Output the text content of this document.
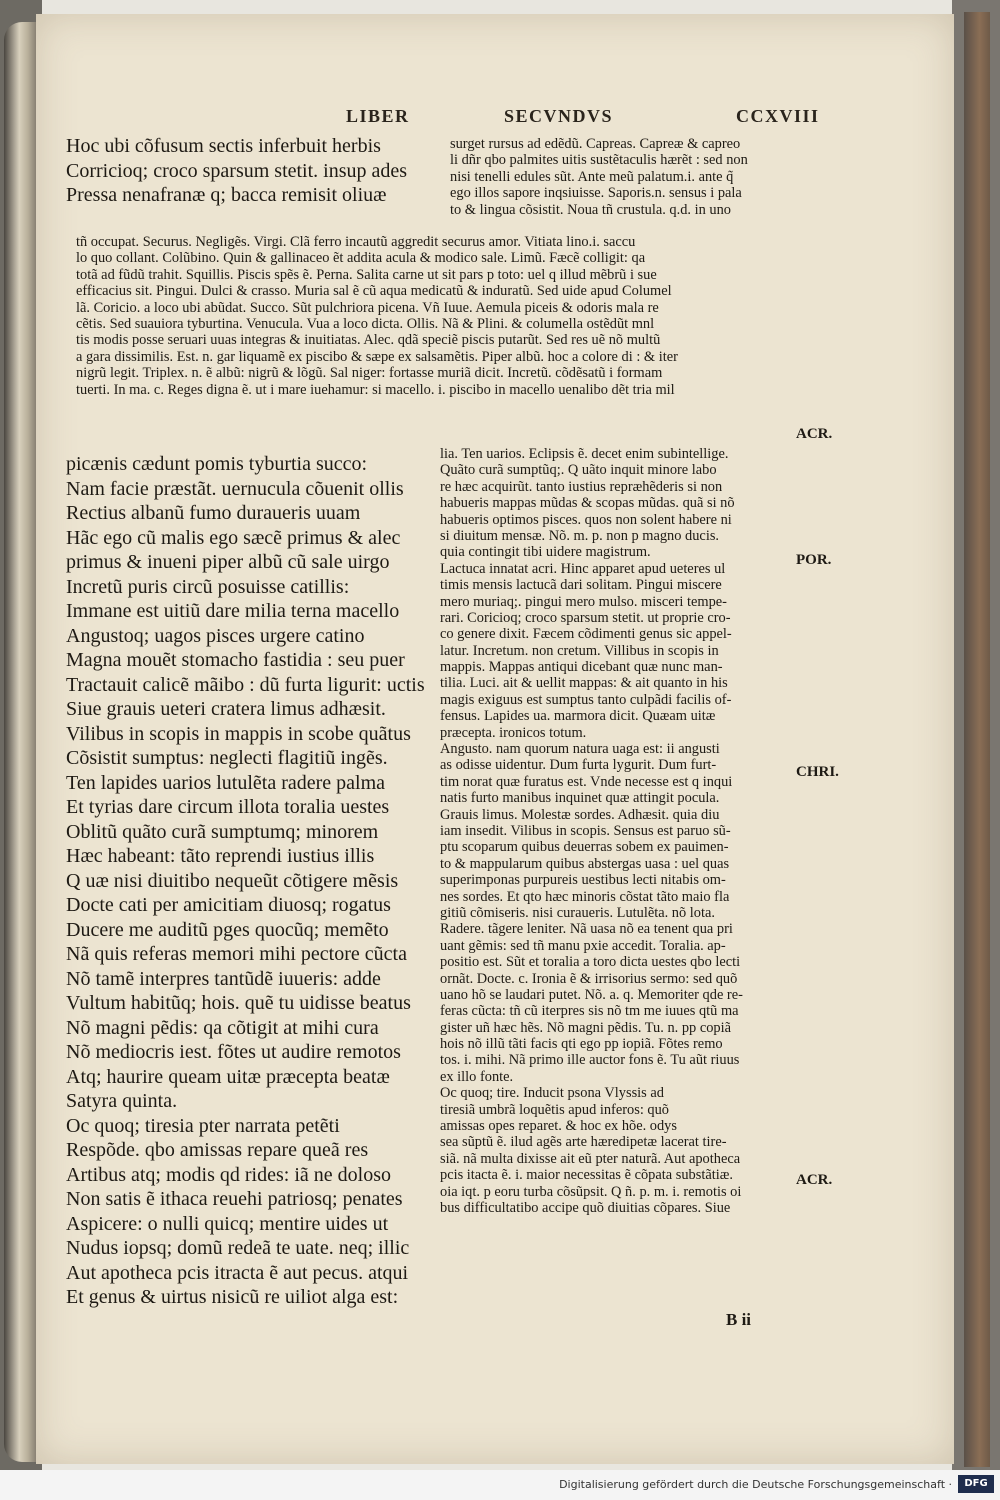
LIBER	SECVNDVS	CCXVIII
Hoc ubi cõfusum sectis inferbuit herbis
Corricioq; croco sparsum stetit. insup ades
Pressa nenafranæ q; bacca remisit oliuæ
surget rursus ad edẽdũ. Capreas. Capreæ & capreo
li dñr qbo palmites uitis sustẽtaculis hærẽt : sed non
nisi tenelli edules sũt. Ante meũ palatum.i. ante q̃
ego illos sapore inqsiuisse. Saporis.n. sensus i pala
to & lingua cõsistit. Noua tñ crustula. q.d. in uno
tñ occupat. Securus. Negligẽs. Virgi. Clã ferro incautũ aggredit securus amor. Vitiata lino.i. saccu
lo quo collant. Colũbino. Quin & gallinaceo ẽt addita acula & modico sale. Limũ. Fæcẽ colligit: qa
totã ad fũdũ trahit. Squillis. Piscis spẽs ẽ. Perna. Salita carne ut sit pars p toto: uel q illud mẽbrũ i sue
efficacius sit. Pingui. Dulci & crasso. Muria sal ẽ cũ aqua medicatũ & induratũ. Sed uide apud Columel
lã. Coricio. a loco ubi abũdat. Succo. Sũt pulchriora picena. Vñ Iuue. Aemula piceis & odoris mala re
cẽtis. Sed suauiora tyburtina. Venucula. Vua a loco dicta. Ollis. Nã & Plini. & columella ostẽdũt mnl
tis modis posse seruari uuas integras & inuitiatas. Alec. qdã speciẽ piscis putarũt. Sed res uẽ nõ multũ
a gara dissimilis. Est. n. gar liquamẽ ex piscibo & sæpe ex salsamẽtis. Piper albũ. hoc a colore di : & iter
nigrũ legit. Triplex. n. ẽ albũ: nigrũ & lõgũ. Sal niger: fortasse muriã dicit. Incretũ. cõdẽsatũ i formam
tuerti. In ma. c. Reges digna ẽ. ut i mare iuehamur: si macello. i. piscibo in macello uenalibo dẽt tria mil
picænis cædunt pomis tyburtia succo:
Nam facie præstãt. uernucula cõuenit ollis
Rectius albanũ fumo duraueris uuam
Hãc ego cũ malis ego sæcẽ primus & alec
primus & inueni piper albũ cũ sale uirgo
Incretũ puris circũ posuisse catillis:
Immane est uitiũ dare milia terna macello
Angustoq; uagos pisces urgere catino
Magna mouẽt stomacho fastidia : seu puer
Tractauit calicẽ mãibo : dũ furta ligurit: uctis
Siue grauis ueteri cratera limus adhæsit.
Vilibus in scopis in mappis in scobe quãtus
Cõsistit sumptus: neglecti flagitiũ ingẽs.
Ten lapides uarios lutulẽta radere palma
Et tyrias dare circum illota toralia uestes
Oblitũ quãto curã sumptumq; minorem
Hæc habeant: tãto reprendi iustius illis
Q uæ nisi diuitibo nequeũt cõtigere mẽsis
Docte cati per amicitiam diuosq; rogatus
Ducere me auditũ pges quocũq; memẽto
Nã quis referas memori mihi pectore cũcta
Nõ tamẽ interpres tantũdẽ iuueris: adde
Vultum habitũq; hois. quẽ tu uidisse beatus
Nõ magni pẽdis: qa cõtigit at mihi cura
Nõ mediocris iest. fõtes ut audire remotos
Atq; haurire queam uitæ præcepta beatæ
Satyra quinta.
Oc quoq; tiresia pter narrata petẽti
Respõde. qbo amissas repare queã res
Artibus atq; modis qd rides: iã ne doloso
Non satis ẽ ithaca reuehi patriosq; penates
Aspicere: o nulli quicq; mentire uides ut
Nudus iopsq; domũ redeã te uate. neq; illic
Aut apotheca pcis itracta ẽ aut pecus. atqui
Et genus & uirtus nisicũ re uiliot alga est:
lia. Ten uarios. Eclipsis ẽ. decet enim subintellige.
Quãto curã sumptũq;. Q uãto inquit minore labo
re hæc acquirũt. tanto iustius repræhẽderis si non
habueris mappas mũdas & scopas mũdas. quã si nõ
habueris optimos pisces. quos non solent habere ni
si diuitum mensæ. Nõ. m. p. non p magno ducis.
quia contingit tibi uidere magistrum.
Lactuca innatat acri. Hinc apparet apud ueteres ul
timis mensis lactucã dari solitam. Pingui miscere
mero muriaq;. pingui mero mulso. misceri tempe-
rari. Coricioq; croco sparsum stetit. ut proprie cro-
co genere dixit. Fæcem cõdimenti genus sic appel-
latur. Incretum. non cretum. Villibus in scopis in
mappis. Mappas antiqui dicebant quæ nunc man-
tilia. Luci. ait & uellit mappas: & ait quanto in his
magis exiguus est sumptus tanto culpãdi facilis of-
fensus. Lapides ua. marmora dicit. Quæam uitæ
præcepta. ironicos totum.
Angusto. nam quorum natura uaga est: ii angusti
as odisse uidentur. Dum furta lygurit. Dum furt-
tim norat quæ furatus est. Vnde necesse est q inqui
natis furto manibus inquinet quæ attingit pocula.
Grauis limus. Molestæ sordes. Adhæsit. quia diu
iam insedit. Vilibus in scopis. Sensus est paruo sũ-
ptu scoparum quibus deuerras sobem ex pauimen-
to & mappularum quibus abstergas uasa : uel quas
superimponas purpureis uestibus lecti nitabis om-
nes sordes. Et qto hæc minoris cõstat tãto maio fla
gitiũ cõmiseris. nisi curaueris. Lutulẽta. nõ lota.
Radere. tãgere leniter. Nã uasa nõ ea tenent qua pri
uant gẽmis: sed tñ manu pxie accedit. Toralia. ap-
positio est. Sũt et toralia a toro dicta uestes qbo lecti
ornãt. Docte. c. Ironia ẽ & irrisorius sermo: sed quõ
uano hõ se laudari putet. Nõ. a. q. Memoriter qde re-
feras cũcta: tñ cũ iterpres sis nõ tm me iuues qtũ ma
gister uñ hæc hẽs. Nõ magni pẽdis. Tu. n. pp copiã
hois nõ illũ tãti facis qti ego pp iopiã. Fõtes remo
tos. i. mihi. Nã primo ille auctor fons ẽ. Tu aũt riuus
ex illo fonte.
Oc quoq; tire. Inducit psona Vlyssis ad
tiresiã umbrã loquẽtis apud inferos: quõ
amissas opes reparet. & hoc ex hõe. odys
sea sũptũ ẽ. ilud agẽs arte hæredipetæ lacerat tire-
siã. nã multa dixisse ait eũ pter naturã. Aut apotheca
pcis itacta ẽ. i. maior necessitas ẽ cõpata substãtiæ.
oia iqt. p eoru turba cõsũpsit. Q ñ. p. m. i. remotis oi
bus difficultatibo accipe quõ diuitias cõpares. Siue
ACR.
POR.
CHRI.
ACR.
B ii
Digitalisierung gefördert durch die Deutsche Forschungsgemeinschaft ·	DFG
